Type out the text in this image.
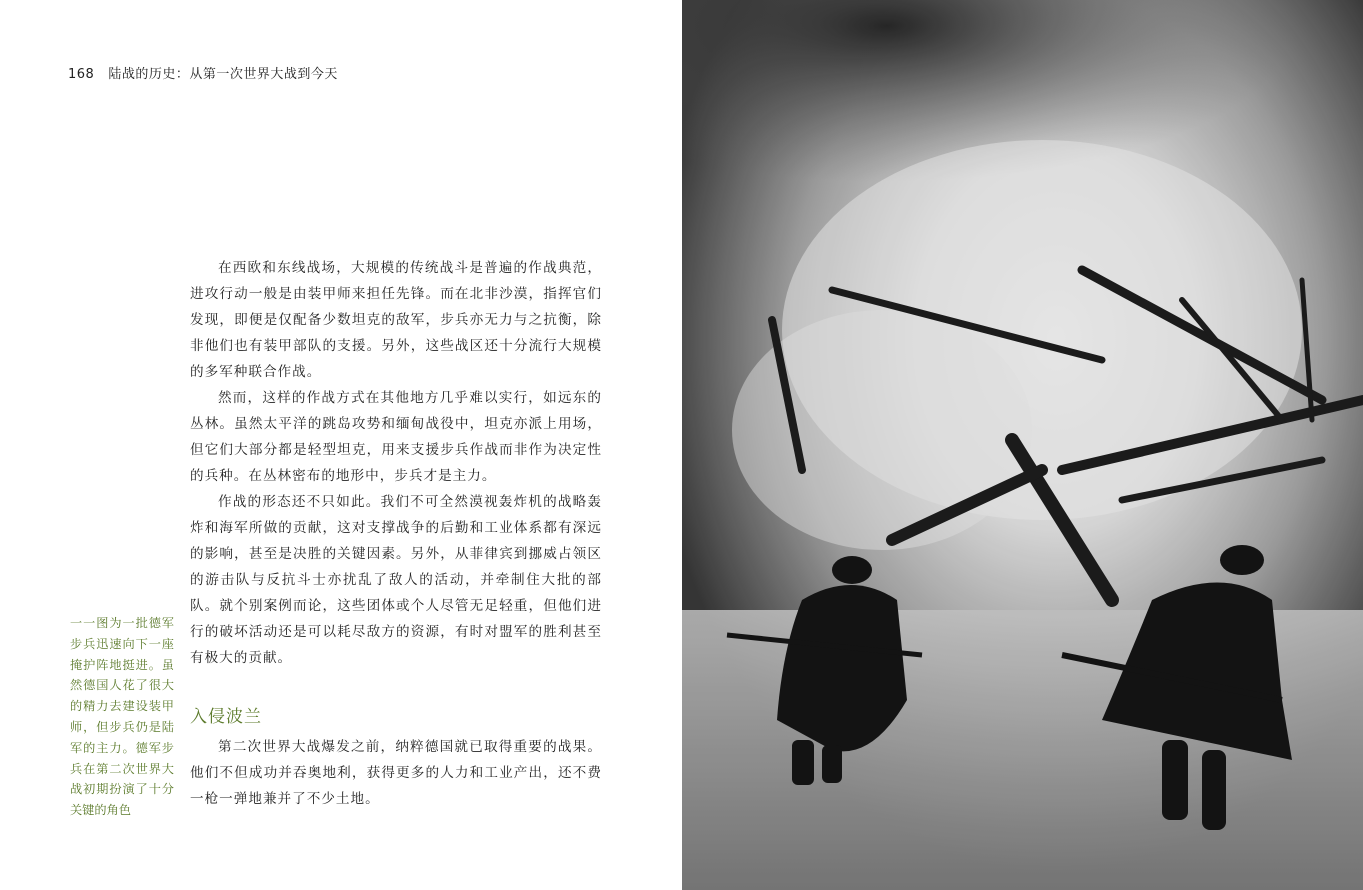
168 陆战的历史：从第一次世界大战到今天

在西欧和东线战场，大规模的传统战斗是普遍的作战典范，进攻行动一般是由装甲师来担任先锋。而在北非沙漠，指挥官们发现，即便是仅配备少数坦克的敌军，步兵亦无力与之抗衡，除非他们也有装甲部队的支援。另外，这些战区还十分流行大规模的多军种联合作战。

然而，这样的作战方式在其他地方几乎难以实行，如远东的丛林。虽然太平洋的跳岛攻势和缅甸战役中，坦克亦派上用场，但它们大部分都是轻型坦克，用来支援步兵作战而非作为决定性的兵种。在丛林密布的地形中，步兵才是主力。

作战的形态还不只如此。我们不可全然漠视轰炸机的战略轰炸和海军所做的贡献，这对支撑战争的后勤和工业体系都有深远的影响，甚至是决胜的关键因素。另外，从菲律宾到挪威占领区的游击队与反抗斗士亦扰乱了敌人的活动，并牵制住大批的部队。就个别案例而论，这些团体或个人尽管无足轻重，但他们进行的破坏活动还是可以耗尽敌方的资源，有时对盟军的胜利甚至有极大的贡献。

一一图为一批德军步兵迅速向下一座掩护阵地挺进。虽然德国人花了很大的精力去建设装甲师，但步兵仍是陆军的主力。德军步兵在第二次世界大战初期扮演了十分关键的角色
入侵波兰

第二次世界大战爆发之前，纳粹德国就已取得重要的战果。他们不但成功并吞奥地利，获得更多的人力和工业产出，还不费一枪一弹地兼并了不少土地。
